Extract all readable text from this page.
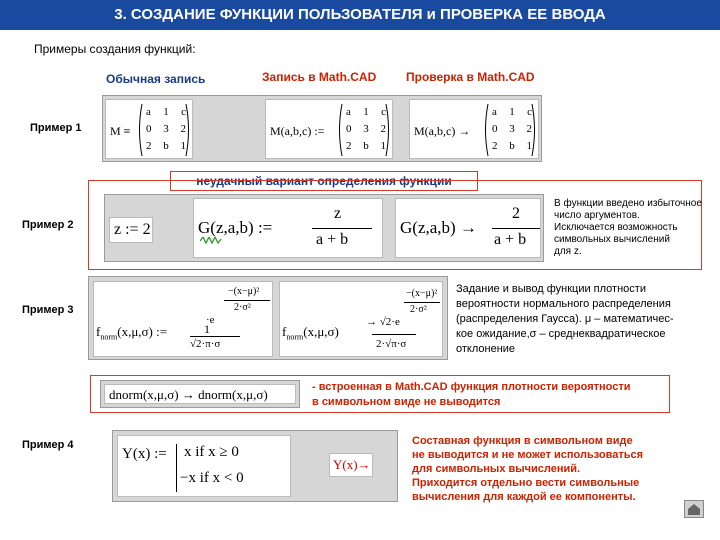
3. СОЗДАНИЕ ФУНКЦИИ ПОЛЬЗОВАТЕЛЯ и ПРОВЕРКА ЕЕ ВВОДА
Примеры создания функций:
Обычная запись	Запись в Math.CAD Проверка в Math.CAD
Пример 1 M ≡
a 1 c
0 3 2
2 b 1
M(a,b,c) :=
a 1 c
0 3 2
2 b 1
M(a,b,c) →
a 1 c
0 3 2
2 b 1
неудачный вариант определения функции
Пример 2	z := 2	G(z,a,b) :=
z
a + b
G(z,a,b) →
2
a + b
В функции введено избыточное
число аргументов.
Исключается возможность
символьных вычислений
для z.
Пример 3
$f_{norm}(x,\mu,\sigma)$ :=
−(x−μ)²
2·σ²
·e
1
√2·π·σ
$f_{norm}(x,\mu,\sigma)$
−(x−μ)²
2·σ²
→ √2·e
2·√π·σ
Задание и вывод функции плотности
вероятности нормального распределения
(распределения Гаусса). μ – математичес-
кое ожидание,σ – среднеквадратическое
отклонение
dnorm(x,μ,σ) → dnorm(x,μ,σ)	- встроенная в Math.CAD функция плотности вероятности
в символьном виде не выводится
Пример 4
Y(x) := x if x ≥ 0
−x if x < 0
Y(x)→
Составная функция в символьном виде
не выводится и не может использоваться
для символьных вычислений.
Приходится отдельно вести символьные
вычисления для каждой ее компоненты.
